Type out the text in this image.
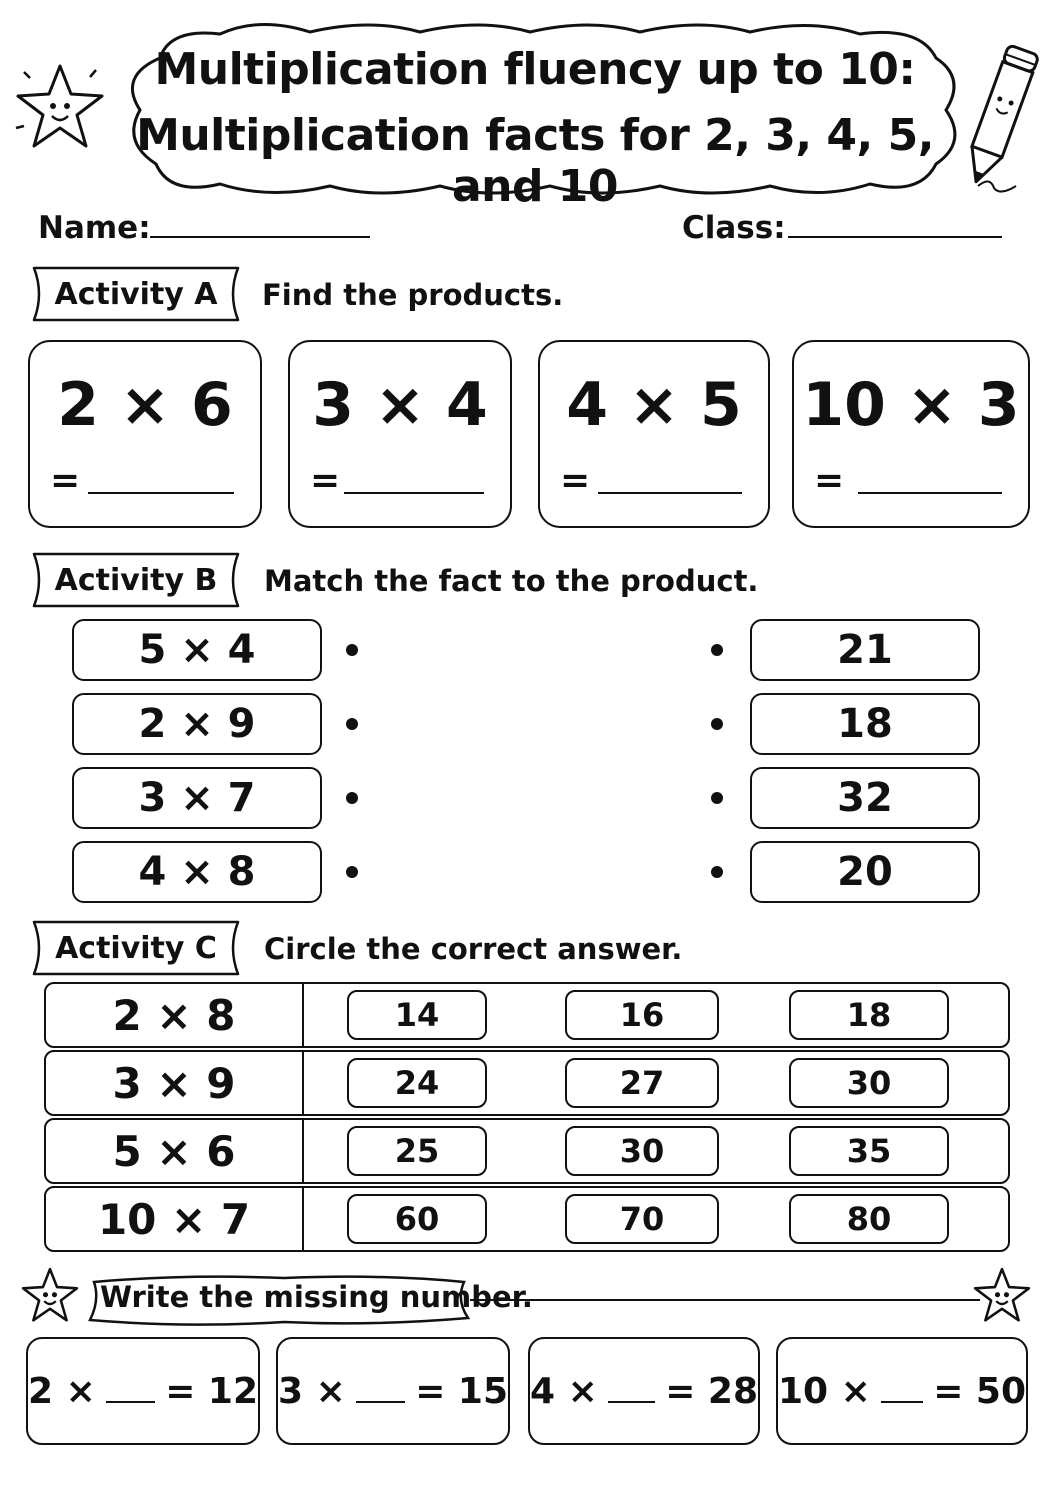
Multiplication fluency up to 10:
Multiplication facts for 2, 3, 4, 5, and 10
Name:	Class:
Activity A	Find the products.
2 × 6
=
3 × 4
=
4 × 5
=
10 × 3
=
Activity B	Match the fact to the product.
5 × 4
2 × 9
3 × 7
4 × 8
21
18
32
20
Activity C	Circle the correct answer.
2 × 8	14	16	18
3 × 9	24	27	30
5 × 6	25	30	35
10 × 7	60	70	80
Write the missing number.
2 × = 12 3 × = 15 4 × = 28 10 × = 50
